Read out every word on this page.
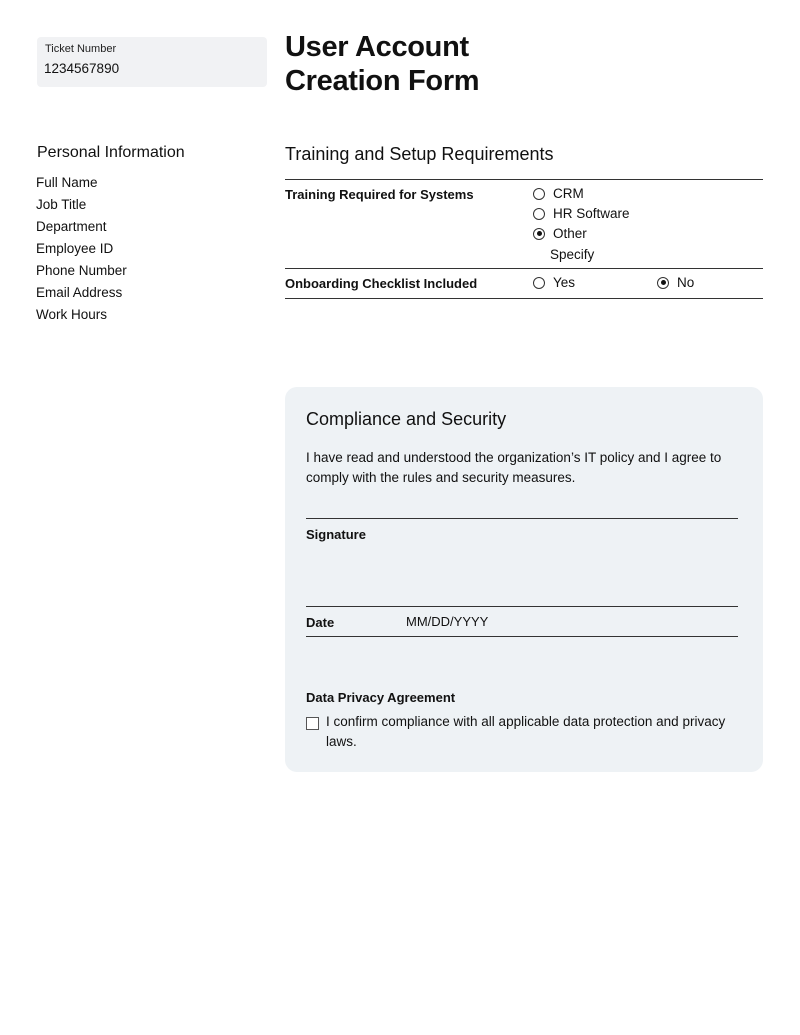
Ticket Number
1234567890
User Account
Creation Form
Personal Information
Full Name
Job Title
Department
Employee ID
Phone Number
Email Address
Work Hours
Training and Setup Requirements
Training Required for Systems	CRM
HR Software
Other
Specify
Onboarding Checklist Included	Yes	No
Compliance and Security
I have read and understood the organization’s IT policy and I agree to comply with the rules and security measures.
Signature
Date	MM/DD/YYYY
Data Privacy Agreement
I confirm compliance with all applicable data protection and privacy laws.
